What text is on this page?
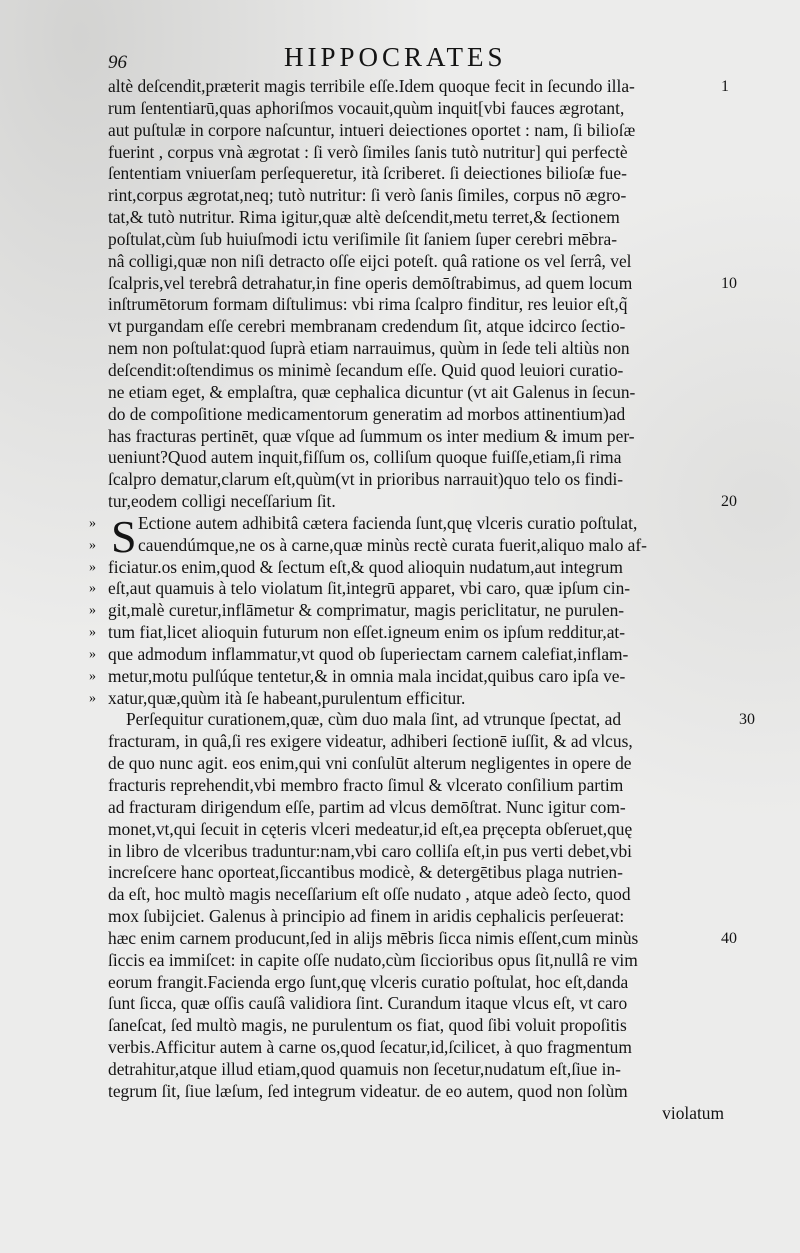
96	HIPPOCRATES
altè deſcendit,præterit magis terribile eſſe.Idem quoque fecit in ſecundo illa-	1
rum ſententiarū,quas aphoriſmos vocauit,quùm inquit[vbi fauces ægrotant,
aut puſtulæ in corpore naſcuntur, intueri deiectiones oportet : nam, ſi bilioſæ
fuerint , corpus vnà ægrotat : ſi verò ſimiles ſanis tutò nutritur] qui perfectè
ſententiam vniuerſam perſequeretur, ità ſcriberet. ſi deiectiones bilioſæ fue-
rint,corpus ægrotat,neq; tutò nutritur: ſi verò ſanis ſimiles, corpus nō ægro-
tat,& tutò nutritur. Rima igitur,quæ altè deſcendit,metu terret,& ſectionem
poſtulat,cùm ſub huiuſmodi ictu veriſimile ſit ſaniem ſuper cerebri mēbra-
nâ colligi,quæ non niſi detracto oſſe eijci poteſt. quâ ratione os vel ſerrâ, vel
ſcalpris,vel terebrâ detrahatur,in fine operis demōſtrabimus, ad quem locum	10
inſtrumētorum formam diſtulimus: vbi rima ſcalpro finditur, res leuior eſt,q̃
vt purgandam eſſe cerebri membranam credendum ſit, atque idcirco ſectio-
nem non poſtulat:quod ſuprà etiam narrauimus, quùm in ſede teli altiùs non
deſcendit:oſtendimus os minimè ſecandum eſſe. Quid quod leuiori curatio-
ne etiam eget, & emplaſtra, quæ cephalica dicuntur (vt ait Galenus in ſecun-
do de compoſitione medicamentorum generatim ad morbos attinentium)ad
has fracturas pertinēt, quæ vſque ad ſummum os inter medium & imum per-
ueniunt?Quod autem inquit,fiſſum os, colliſum quoque fuiſſe,etiam,ſi rima
ſcalpro dematur,clarum eſt,quùm(vt in prioribus narrauit)quo telo os findi-
tur,eodem colligi neceſſarium ſit.	20
» S Ectione autem adhibitâ cætera facienda ſunt,quę vlceris curatio poſtulat,
» cauendúmque,ne os à carne,quæ minùs rectè curata fuerit,aliquo malo af-
» ficiatur.os enim,quod & ſectum eſt,& quod alioquin nudatum,aut integrum
» eſt,aut quamuis à telo violatum ſit,integrū apparet, vbi caro, quæ ipſum cin-
» git,malè curetur,inflāmetur & comprimatur, magis periclitatur, ne purulen-
» tum fiat,licet alioquin futurum non eſſet.igneum enim os ipſum redditur,at-
» que admodum inflammatur,vt quod ob ſuperiectam carnem calefiat,inflam-
» metur,motu pulſúque tentetur,& in omnia mala incidat,quibus caro ipſa ve-
» xatur,quæ,quùm ità ſe habeant,purulentum efficitur.
Perſequitur curationem,quæ, cùm duo mala ſint, ad vtrunque ſpectat, ad	30
fracturam, in quâ,ſi res exigere videatur, adhiberi ſectionē iuſſit, & ad vlcus,
de quo nunc agit. eos enim,qui vni conſulūt alterum negligentes in opere de
fracturis reprehendit,vbi membro fracto ſimul & vlcerato conſilium partim
ad fracturam dirigendum eſſe, partim ad vlcus demōſtrat. Nunc igitur com-
monet,vt,qui ſecuit in cęteris vlceri medeatur,id eſt,ea pręcepta obſeruet,quę
in libro de vlceribus traduntur:nam,vbi caro colliſa eſt,in pus verti debet,vbi
increſcere hanc oporteat,ſiccantibus modicè, & detergētibus plaga nutrien-
da eſt, hoc multò magis neceſſarium eſt oſſe nudato , atque adeò ſecto, quod
mox ſubijciet. Galenus à principio ad finem in aridis cephalicis perſeuerat:
hæc enim carnem producunt,ſed in alijs mēbris ſicca nimis eſſent,cum minùs	40
ſiccis ea immiſcet: in capite oſſe nudato,cùm ſiccioribus opus ſit,nullâ re vim
eorum frangit.Facienda ergo ſunt,quę vlceris curatio poſtulat, hoc eſt,danda
ſunt ſicca, quæ oſſis cauſâ validiora ſint. Curandum itaque vlcus eſt, vt caro
ſaneſcat, ſed multò magis, ne purulentum os fiat, quod ſibi voluit propoſitis
verbis.Afficitur autem à carne os,quod ſecatur,id,ſcilicet, à quo fragmentum
detrahitur,atque illud etiam,quod quamuis non ſecetur,nudatum eſt,ſiue in-
tegrum ſit, ſiue læſum, ſed integrum videatur. de eo autem, quod non ſolùm
violatum
